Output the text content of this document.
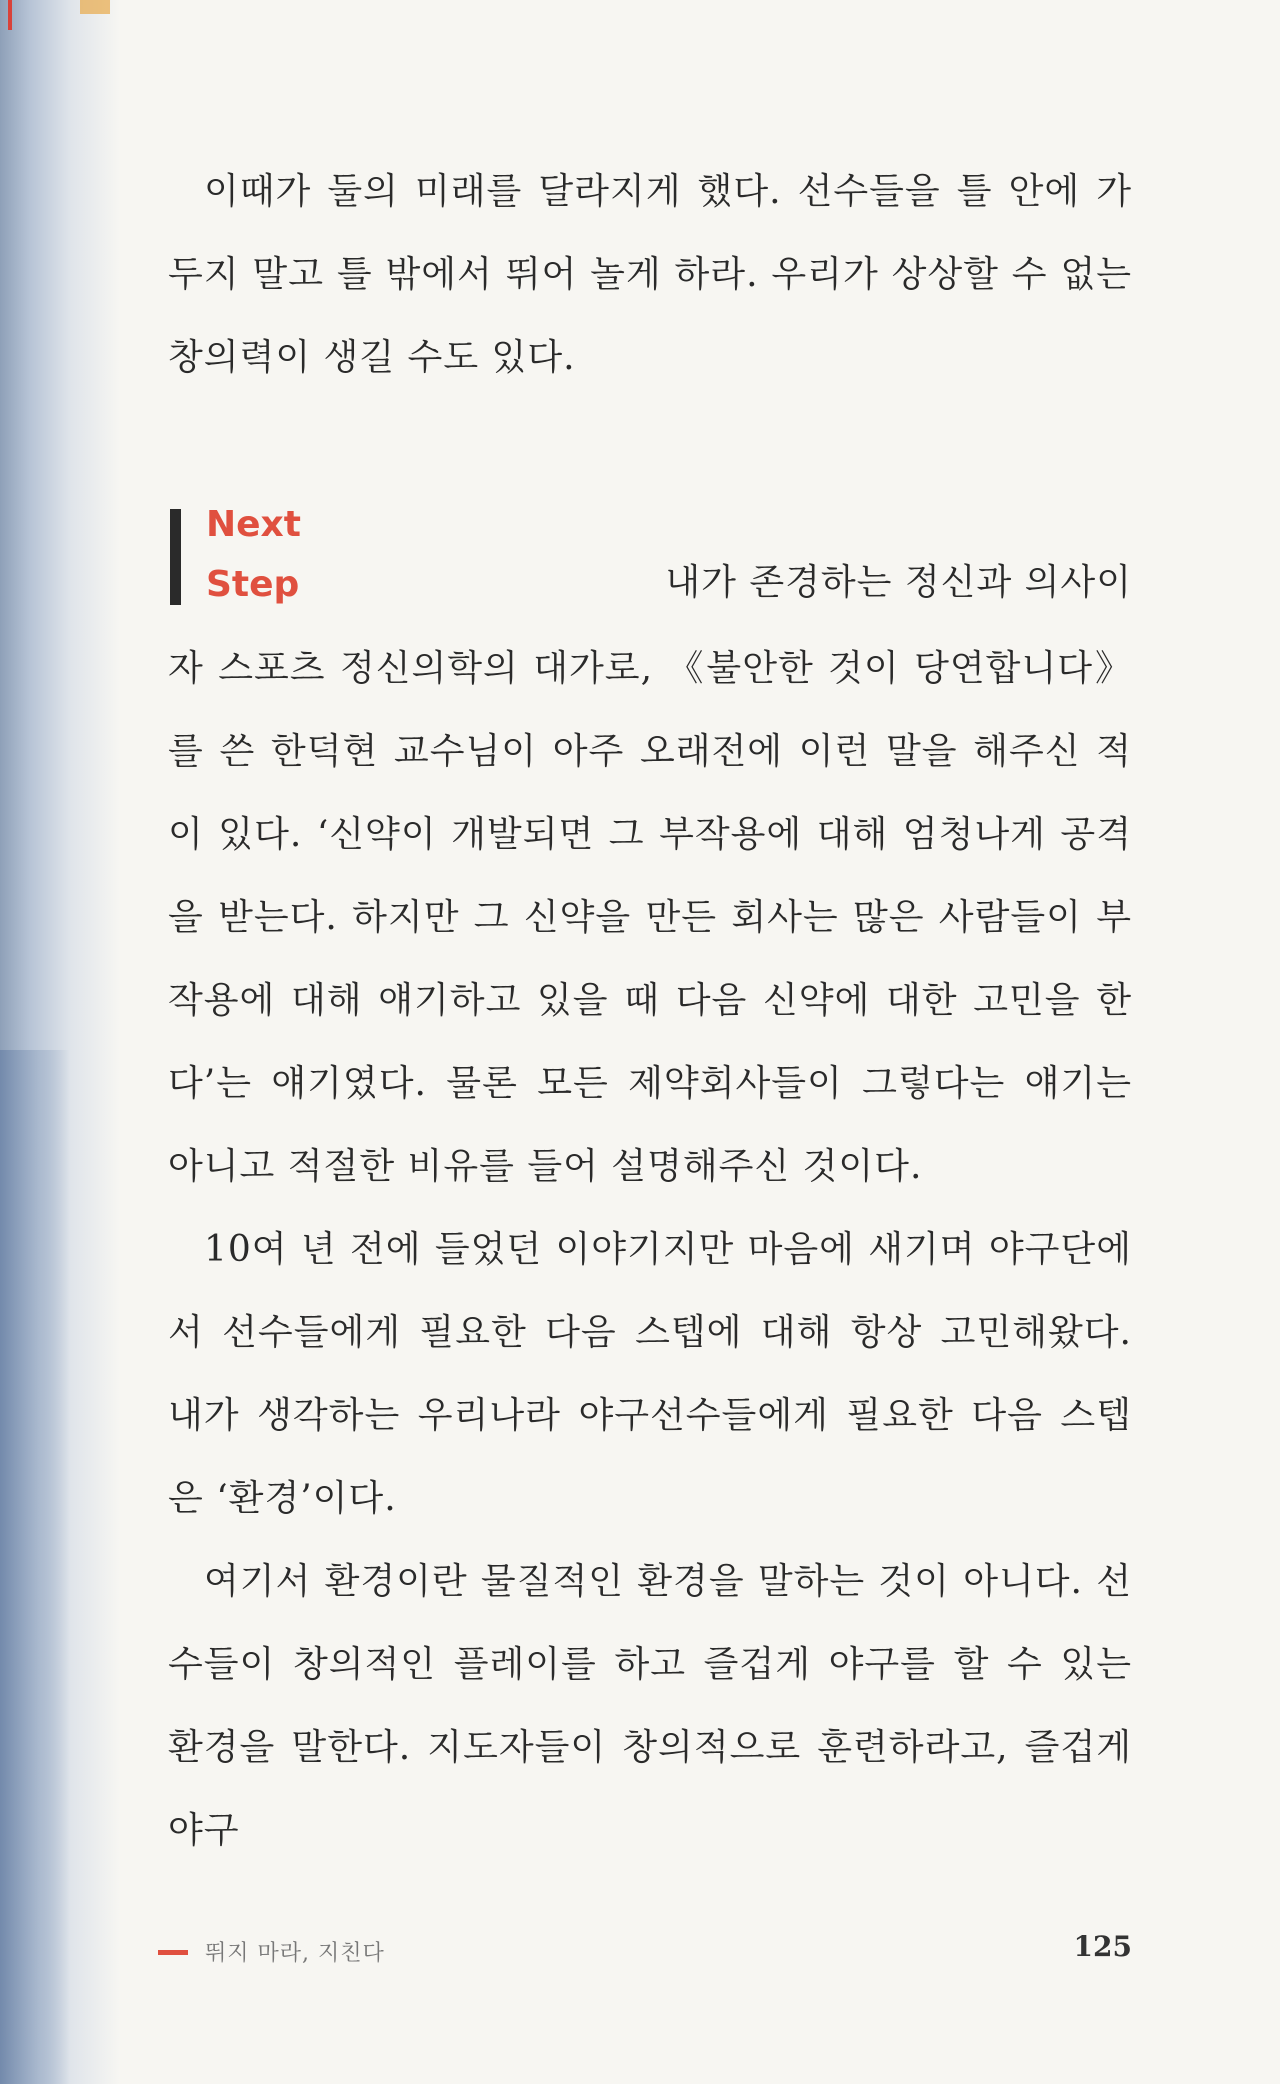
이때가 둘의 미래를 달라지게 했다. 선수들을 틀 안에 가두지 말고 틀 밖에서 뛰어 놀게 하라. 우리가 상상할 수 없는 창의력이 생길 수도 있다.

Next
Step	내가 존경하는 정신과 의사이

자 스포츠 정신의학의 대가로, 《불안한 것이 당연합니다》를 쓴 한덕현 교수님이 아주 오래전에 이런 말을 해주신 적이 있다. ‘신약이 개발되면 그 부작용에 대해 엄청나게 공격을 받는다. 하지만 그 신약을 만든 회사는 많은 사람들이 부작용에 대해 얘기하고 있을 때 다음 신약에 대한 고민을 한다’는 얘기였다. 물론 모든 제약회사들이 그렇다는 얘기는 아니고 적절한 비유를 들어 설명해주신 것이다.

10여 년 전에 들었던 이야기지만 마음에 새기며 야구단에서 선수들에게 필요한 다음 스텝에 대해 항상 고민해왔다. 내가 생각하는 우리나라 야구선수들에게 필요한 다음 스텝은 ‘환경’이다.

여기서 환경이란 물질적인 환경을 말하는 것이 아니다. 선수들이 창의적인 플레이를 하고 즐겁게 야구를 할 수 있는 환경을 말한다. 지도자들이 창의적으로 훈련하라고, 즐겁게 야구

뛰지 마라, 지친다	125
